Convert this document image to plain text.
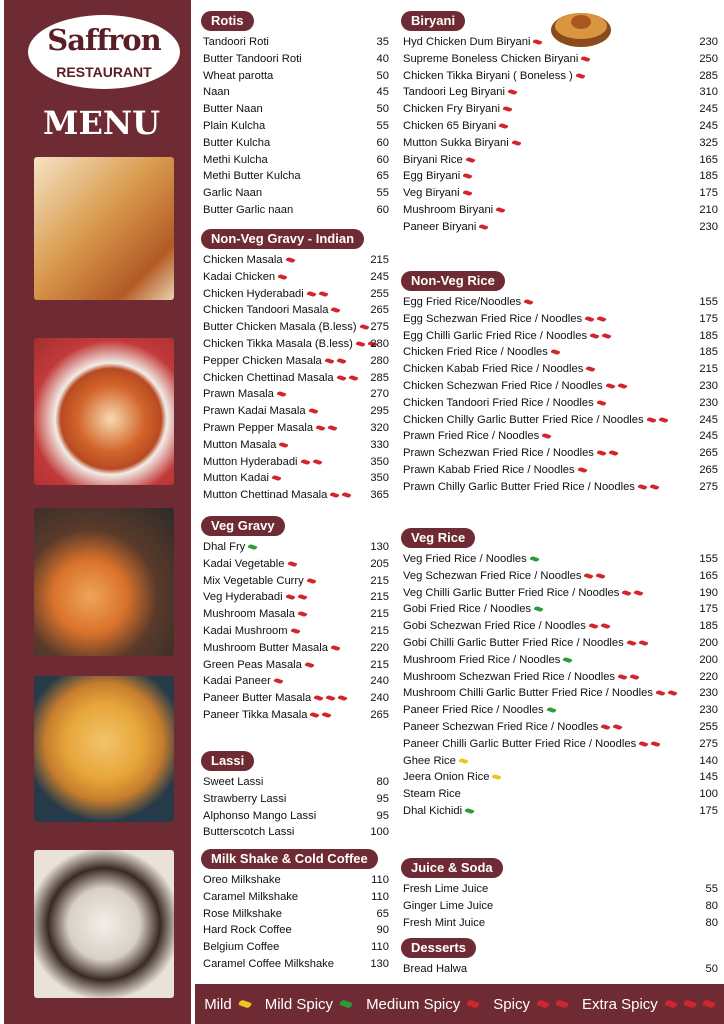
Saffron
RESTAURANT
MENU
Rotis
Tandoori Roti	35
Butter Tandoori Roti	40
Wheat parotta	50
Naan	45
Butter Naan	50
Plain Kulcha	55
Butter Kulcha	60
Methi Kulcha	60
Methi Butter Kulcha	65
Garlic Naan	55
Butter Garlic naan	60
Non-Veg Gravy - Indian
Chicken Masala	215
Kadai Chicken	245
Chicken Hyderabadi	255
Chicken Tandoori Masala	265
Butter Chicken Masala (B.less)	275
Chicken Tikka Masala (B.less)	280
Pepper Chicken Masala	280
Chicken Chettinad Masala	285
Prawn Masala	270
Prawn Kadai Masala	295
Prawn Pepper Masala	320
Mutton Masala	330
Mutton Hyderabadi	350
Mutton Kadai	350
Mutton Chettinad Masala	365
Veg Gravy
Dhal Fry	130
Kadai Vegetable	205
Mix Vegetable Curry	215
Veg Hyderabadi	215
Mushroom Masala	215
Kadai Mushroom	215
Mushroom Butter Masala	220
Green Peas Masala	215
Kadai Paneer	240
Paneer Butter Masala	240
Paneer Tikka Masala	265
Lassi
Sweet Lassi	80
Strawberry Lassi	95
Alphonso Mango Lassi	95
Butterscotch Lassi	100
Milk Shake & Cold Coffee
Oreo Milkshake	110
Caramel Milkshake	110
Rose Milkshake	65
Hard Rock Coffee	90
Belgium Coffee	110
Caramel Coffee Milkshake	130
Biryani
Hyd Chicken Dum Biryani	230
Supreme Boneless Chicken Biryani	250
Chicken Tikka Biryani ( Boneless )	285
Tandoori Leg Biryani	310
Chicken Fry Biryani	245
Chicken 65 Biryani	245
Mutton Sukka Biryani	325
Biryani Rice	165
Egg Biryani	185
Veg Biryani	175
Mushroom Biryani	210
Paneer Biryani	230
Non-Veg Rice
Egg Fried Rice/Noodles	155
Egg Schezwan Fried Rice / Noodles	175
Egg Chilli Garlic Fried Rice / Noodles	185
Chicken Fried Rice / Noodles	185
Chicken Kabab Fried Rice / Noodles	215
Chicken Schezwan Fried Rice / Noodles	230
Chicken Tandoori Fried Rice / Noodles	230
Chicken Chilly Garlic Butter Fried Rice / Noodles	245
Prawn Fried Rice / Noodles	245
Prawn Schezwan Fried Rice / Noodles	265
Prawn Kabab Fried Rice / Noodles	265
Prawn Chilly Garlic Butter Fried Rice / Noodles	275
Veg Rice
Veg Fried Rice / Noodles	155
Veg Schezwan Fried Rice / Noodles	165
Veg Chilli Garlic Butter Fried Rice / Noodles	190
Gobi Fried Rice / Noodles	175
Gobi Schezwan Fried Rice / Noodles	185
Gobi Chilli Garlic Butter Fried Rice / Noodles	200
Mushroom Fried Rice / Noodles	200
Mushroom Schezwan Fried Rice / Noodles	220
Mushroom Chilli Garlic Butter Fried Rice / Noodles	230
Paneer Fried Rice / Noodles	230
Paneer Schezwan Fried Rice / Noodles	255
Paneer Chilli Garlic Butter Fried Rice / Noodles	275
Ghee Rice	140
Jeera Onion Rice	145
Steam Rice	100
Dhal Kichidi	175
Juice & Soda
Fresh Lime Juice	55
Ginger Lime Juice	80
Fresh Mint Juice	80
Desserts
Bread Halwa	50
Mild Mild Spicy Medium Spicy Spicy	Extra Spicy
